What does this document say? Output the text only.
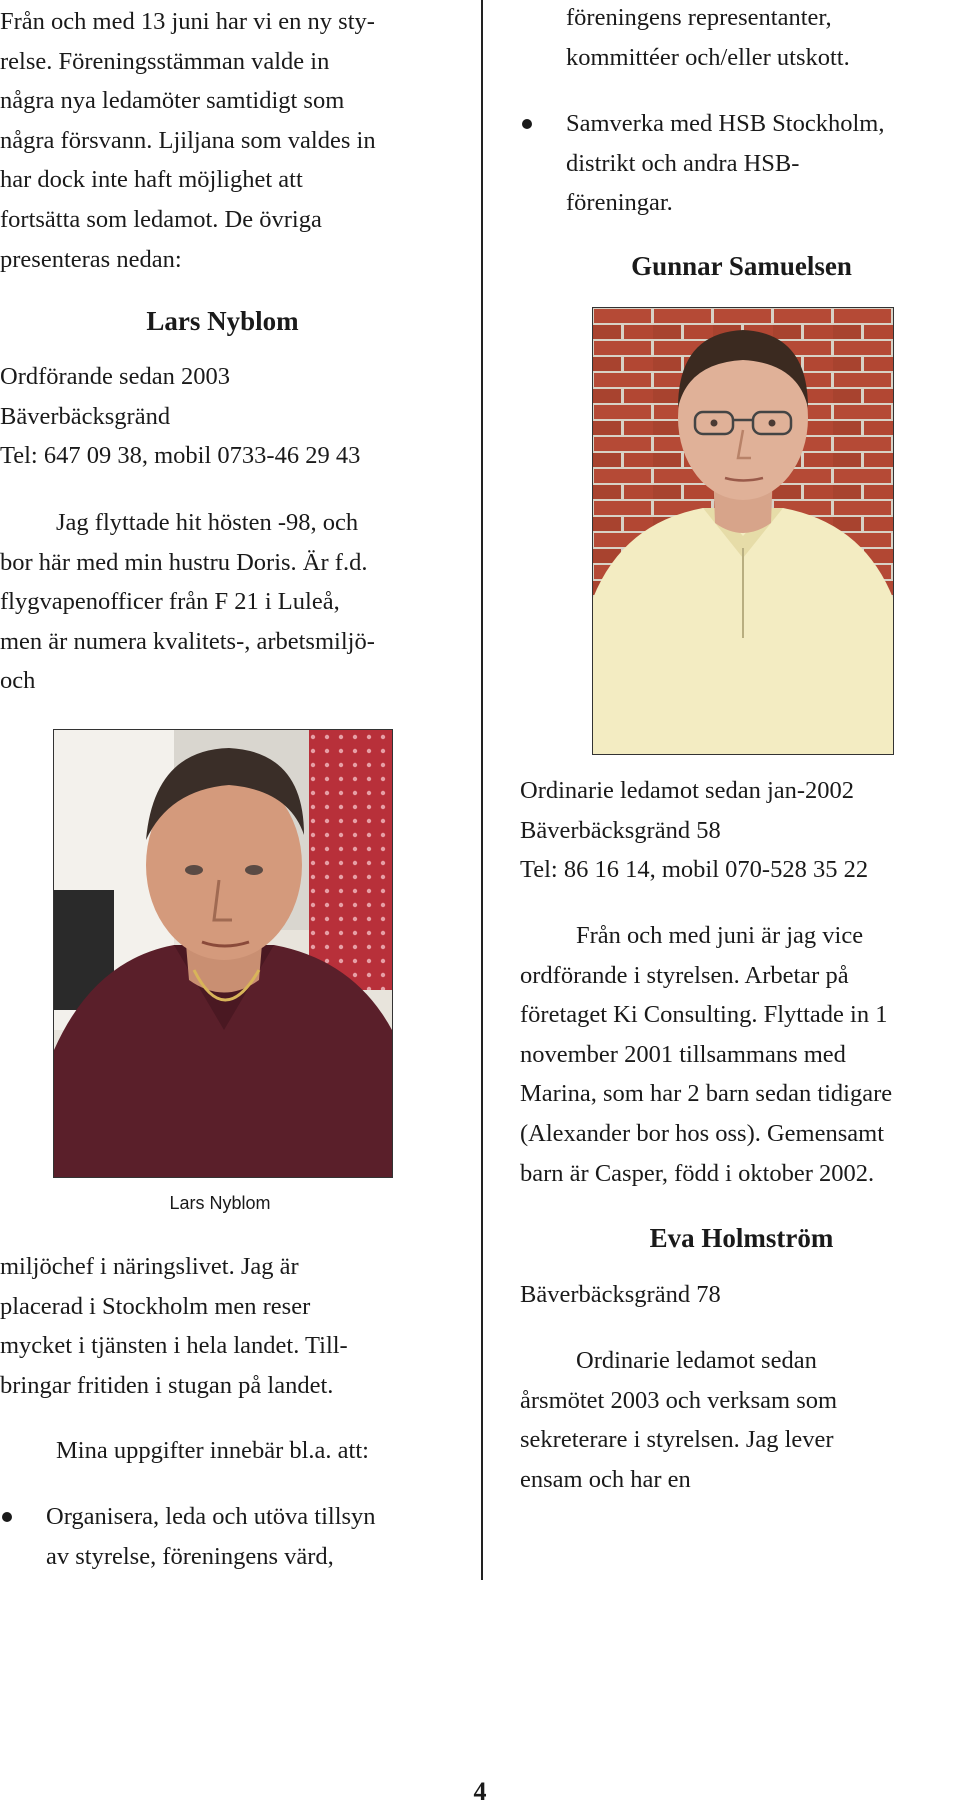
Från och med 13 juni har vi en ny sty-
relse. Föreningsstämman valde in
några nya ledamöter samtidigt som
några försvann. Ljiljana som valdes in
har dock inte haft möjlighet att
fortsätta som ledamot. De övriga
presenteras nedan:
Lars Nyblom
Ordförande sedan 2003
Bäverbäcksgränd
Tel: 647 09 38, mobil 0733-46 29 43
Jag flyttade hit hösten -98, och
bor här med min hustru Doris. Är f.d.
flygvapenofficer från F 21 i Luleå,
men är numera kvalitets-, arbetsmiljö-
och
Lars Nyblom
miljöchef i näringslivet. Jag är
placerad i Stockholm men reser
mycket i tjänsten i hela landet. Till-
bringar fritiden i stugan på landet.
Mina uppgifter innebär bl.a. att:
Organisera, leda och utöva tillsyn
av styrelse, föreningens värd,
föreningens representanter,
kommittéer och/eller utskott.
Samverka med HSB Stockholm,
distrikt och andra HSB-
föreningar.
Gunnar Samuelsen
Ordinarie ledamot sedan jan-2002
Bäverbäcksgränd 58
Tel: 86 16 14, mobil 070-528 35 22
Från och med juni är jag vice
ordförande i styrelsen. Arbetar på
företaget Ki Consulting. Flyttade in 1
november 2001 tillsammans med
Marina, som har 2 barn sedan tidigare
(Alexander bor hos oss). Gemensamt
barn är Casper, född i oktober 2002.
Eva Holmström
Bäverbäcksgränd 78
Ordinarie ledamot sedan
årsmötet 2003 och verksam som
sekreterare i styrelsen. Jag lever
ensam och har en
4
